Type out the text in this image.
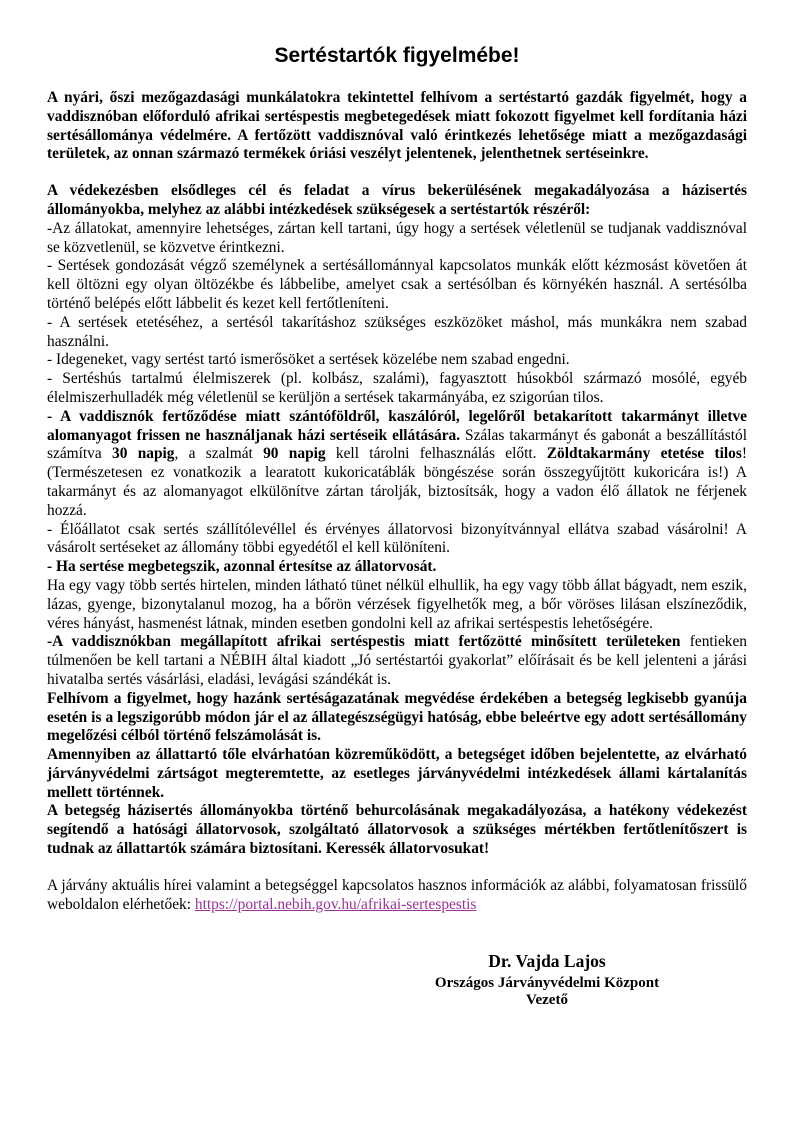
Sertéstartók figyelmébe!

A nyári, őszi mezőgazdasági munkálatokra tekintettel felhívom a sertéstartó gazdák figyelmét, hogy a vaddisznóban előforduló afrikai sertéspestis megbetegedések miatt fokozott figyelmet kell fordítania házi sertésállománya védelmére. A fertőzött vaddisznóval való érintkezés lehetősége miatt a mezőgazdasági területek, az onnan származó termékek óriási veszélyt jelentenek, jelenthetnek sertéseinkre.

A védekezésben elsődleges cél és feladat a vírus bekerülésének megakadályozása a házisertés állományokba, melyhez az alábbi intézkedések szükségesek a sertéstartók részéről:

-Az állatokat, amennyire lehetséges, zártan kell tartani, úgy hogy a sertések véletlenül se tudjanak vaddisznóval se közvetlenül, se közvetve érintkezni.

- Sertések gondozását végző személynek a sertésállománnyal kapcsolatos munkák előtt kézmosást követően át kell öltözni egy olyan öltözékbe és lábbelibe, amelyet csak a sertésólban és környékén használ. A sertésólba történő belépés előtt lábbelit és kezet kell fertőtleníteni.

- A sertések etetéséhez, a sertésól takarításhoz szükséges eszközöket máshol, más munkákra nem szabad használni.

- Idegeneket, vagy sertést tartó ismerősöket a sertések közelébe nem szabad engedni.

- Sertéshús tartalmú élelmiszerek (pl. kolbász, szalámi), fagyasztott húsokból származó mosólé, egyéb élelmiszerhulladék még véletlenül se kerüljön a sertések takarmányába, ez szigorúan tilos.

- A vaddisznók fertőződése miatt szántóföldről, kaszálóról, legelőről betakarított takarmányt illetve alomanyagot frissen ne használjanak házi sertéseik ellátására. Szálas takarmányt és gabonát a beszállítástól számítva 30 napig, a szalmát 90 napig kell tárolni felhasználás előtt. Zöldtakarmány etetése tilos! (Természetesen ez vonatkozik a learatott kukoricatáblák böngészése során összegyűjtött kukoricára is!) A takarmányt és az alomanyagot elkülönítve zártan tárolják, biztosítsák, hogy a vadon élő állatok ne férjenek hozzá.

- Élőállatot csak sertés szállítólevéllel és érvényes állatorvosi bizonyítvánnyal ellátva szabad vásárolni! A vásárolt sertéseket az állomány többi egyedétől el kell különíteni.

- Ha sertése megbetegszik, azonnal értesítse az állatorvosát.

Ha egy vagy több sertés hirtelen, minden látható tünet nélkül elhullik, ha egy vagy több állat bágyadt, nem eszik, lázas, gyenge, bizonytalanul mozog, ha a bőrön vérzések figyelhetők meg, a bőr vöröses lilásan elszíneződik, véres hányást, hasmenést látnak, minden esetben gondolni kell az afrikai sertéspestis lehetőségére.

-A vaddisznókban megállapított afrikai sertéspestis miatt fertőzötté minősített területeken fentieken túlmenően be kell tartani a NÉBIH által kiadott „Jó sertéstartói gyakorlat” előírásait és be kell jelenteni a járási hivatalba sertés vásárlási, eladási, levágási szándékát is.

Felhívom a figyelmet, hogy hazánk sertéságazatának megvédése érdekében a betegség legkisebb gyanúja esetén is a legszigorúbb módon jár el az állategészségügyi hatóság, ebbe beleértve egy adott sertésállomány megelőzési célból történő felszámolását is.

Amennyiben az állattartó tőle elvárhatóan közreműködött, a betegséget időben bejelentette, az elvárható járványvédelmi zártságot megteremtette, az esetleges járványvédelmi intézkedések állami kártalanítás mellett történnek.

A betegség házisertés állományokba történő behurcolásának megakadályozása, a hatékony védekezést segítendő a hatósági állatorvosok, szolgáltató állatorvosok a szükséges mértékben fertőtlenítőszert is tudnak az állattartók számára biztosítani. Keressék állatorvosukat!

A járvány aktuális hírei valamint a betegséggel kapcsolatos hasznos információk az alábbi, folyamatosan frissülő weboldalon elérhetőek: https://portal.nebih.gov.hu/afrikai-sertespestis

Dr. Vajda Lajos

Országos Járványvédelmi Központ

Vezető
